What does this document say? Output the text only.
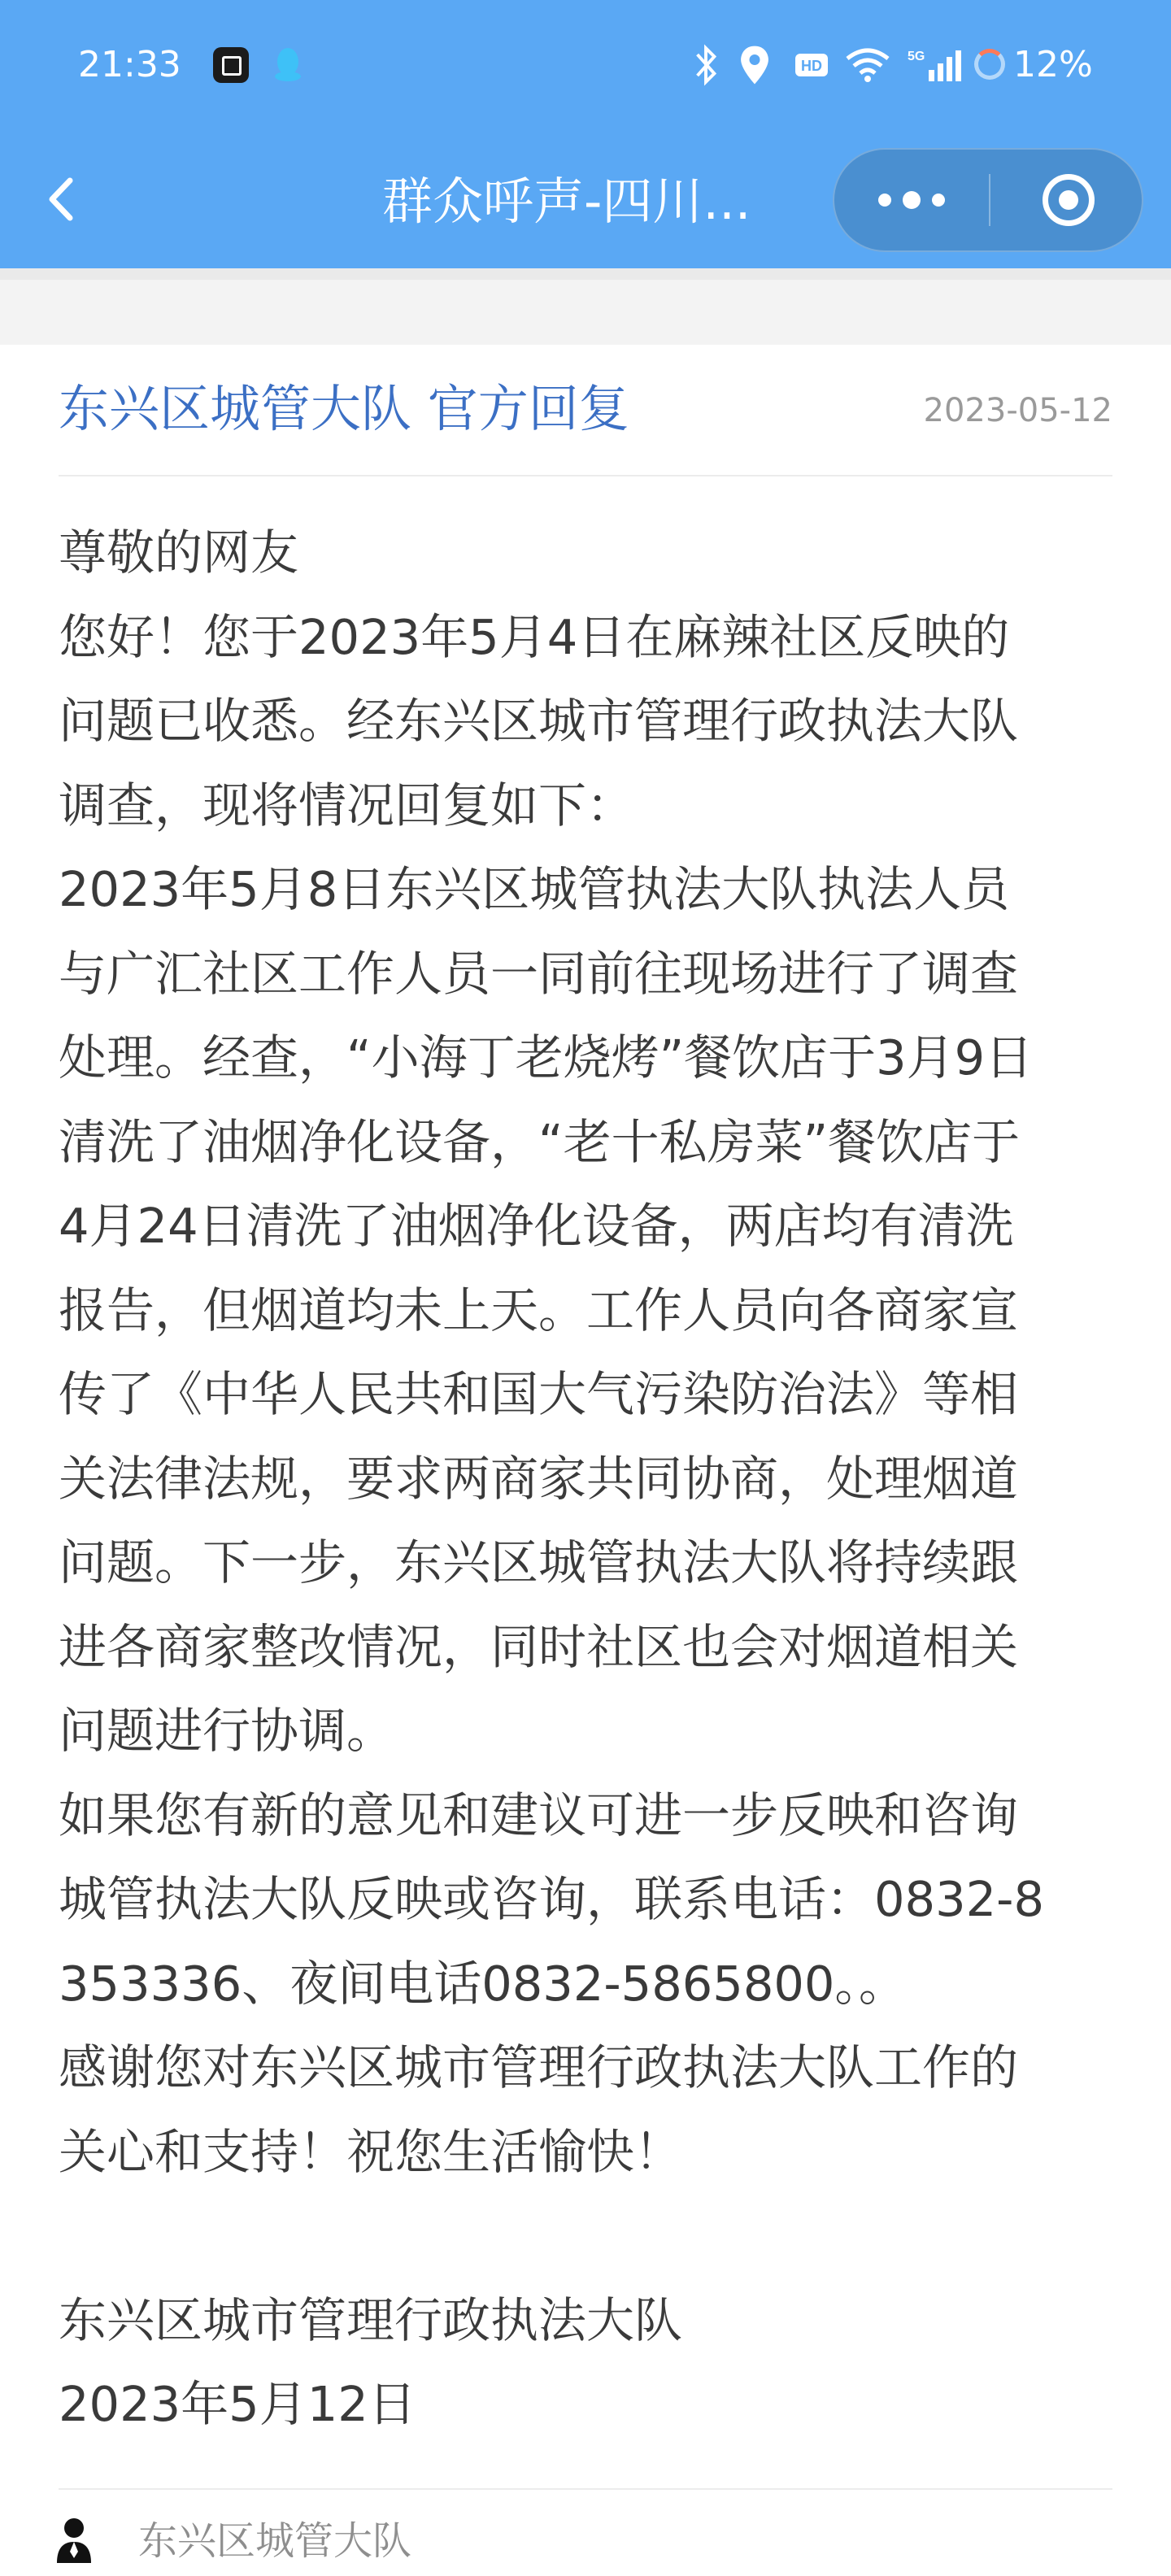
21:33	HD
5G 12%
群众呼声-四川...
东兴区城管大队 官方回复	2023-05-12

尊敬的网友

您好！您于2023年5月4日在麻辣社区反映的

问题已收悉。经东兴区城市管理行政执法大队

调查，现将情况回复如下：

2023年5月8日东兴区城管执法大队执法人员

与广汇社区工作人员一同前往现场进行了调查

处理。经查，“小海丁老烧烤”餐饮店于3月9日

清洗了油烟净化设备，“老十私房菜”餐饮店于

4月24日清洗了油烟净化设备，两店均有清洗

报告，但烟道均未上天。工作人员向各商家宣

传了《中华人民共和国大气污染防治法》等相

关法律法规，要求两商家共同协商，处理烟道

问题。下一步，东兴区城管执法大队将持续跟

进各商家整改情况，同时社区也会对烟道相关

问题进行协调。

如果您有新的意见和建议可进一步反映和咨询

城管执法大队反映或咨询，联系电话：0832-8

353336、夜间电话0832-5865800。。

感谢您对东兴区城市管理行政执法大队工作的

关心和支持！祝您生活愉快！

东兴区城市管理行政执法大队

2023年5月12日

东兴区城管大队
